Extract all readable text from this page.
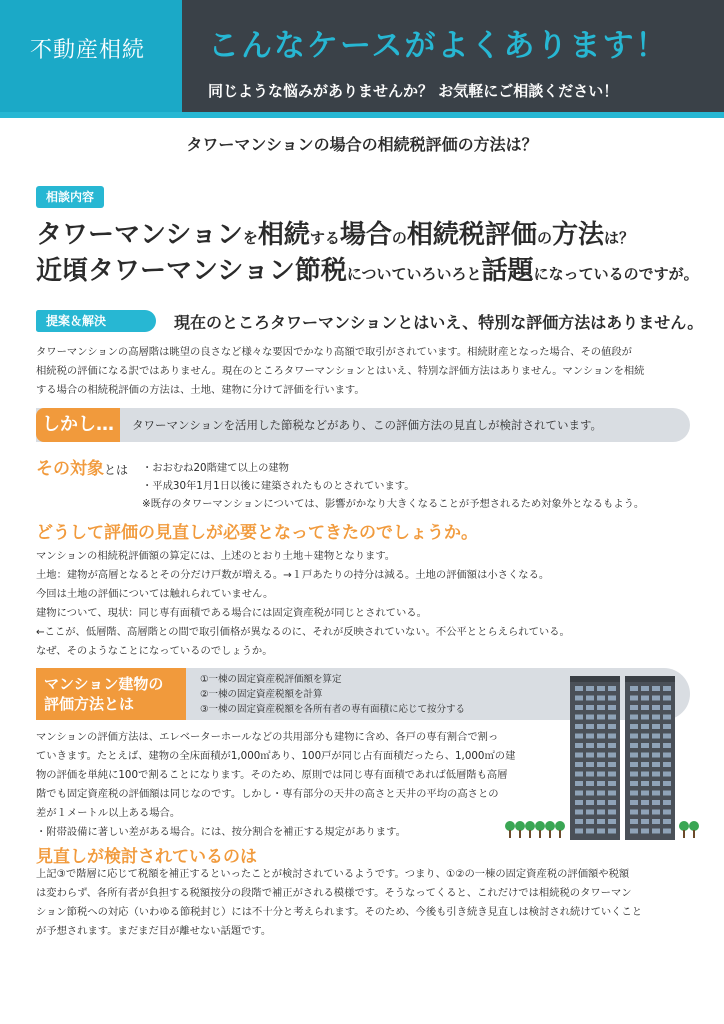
不動産相続 こんなケースがよくあります！
同じような悩みがありませんか？ お気軽にご相談ください！
タワーマンションの場合の相続税評価の方法は？
相談内容
タワーマンションを相続する場合の相続税評価の方法は？
近頃タワーマンション節税についていろいろと話題になっているのですが。
提案＆解決	現在のところタワーマンションとはいえ、特別な評価方法はありません。
タワーマンションの高層階は眺望の良さなど様々な要因でかなり高額で取引がされています。相続財産となった場合、その値段が
相続税の評価になる訳ではありません。現在のところタワーマンションとはいえ、特別な評価方法はありません。マンションを相続
する場合の相続税評価の方法は、土地、建物に分けて評価を行います。
しかし…	タワーマンションを活用した節税などがあり、この評価方法の見直しが検討されています。
その対象とは ・おおむね20階建て以上の建物
・平成30年1月1日以後に建築されたものとされています。
※既存のタワーマンションについては、影響がかなり大きくなることが予想されるため対象外となるもよう。
どうして評価の見直しが必要となってきたのでしょうか。
マンションの相続税評価額の算定には、上述のとおり土地＋建物となります。
土地：建物が高層となるとその分だけ戸数が増える。→１戸あたりの持分は減る。土地の評価額は小さくなる。
今回は土地の評価については触れられていません。
建物について、現状：同じ専有面積である場合には固定資産税が同じとされている。
←ここが、低層階、高層階との間で取引価格が異なるのに、それが反映されていない。不公平ととらえられている。
なぜ、そのようなことになっているのでしょうか。
マンション建物の
評価方法とは
①一棟の固定資産税評価額を算定
②一棟の固定資産税額を計算
③一棟の固定資産税額を各所有者の専有面積に応じて按分する
マンションの評価方法は、エレベーターホールなどの共用部分も建物に含め、各戸の専有割合で割っ
ていきます。たとえば、建物の全床面積が1,000㎡あり、100戸が同じ占有面積だったら、1,000㎡の建
物の評価を単純に100で割ることになります。そのため、原則では同じ専有面積であれば低層階も高層
階でも固定資産税の評価額は同じなのです。しかし・専有部分の天井の高さと天井の平均の高さとの
差が１メートル以上ある場合。
・附帯設備に著しい差がある場合。には、按分割合を補正する規定があります。
見直しが検討されているのは
上記③で階層に応じて税額を補正するといったことが検討されているようです。つまり、①②の一棟の固定資産税の評価額や税額
は変わらず、各所有者が負担する税額按分の段階で補正がされる模様です。そうなってくると、これだけでは相続税のタワーマン
ション節税への対応（いわゆる節税封じ）には不十分と考えられます。そのため、今後も引き続き見直しは検討され続けていくこと
が予想されます。まだまだ目が離せない話題です。
